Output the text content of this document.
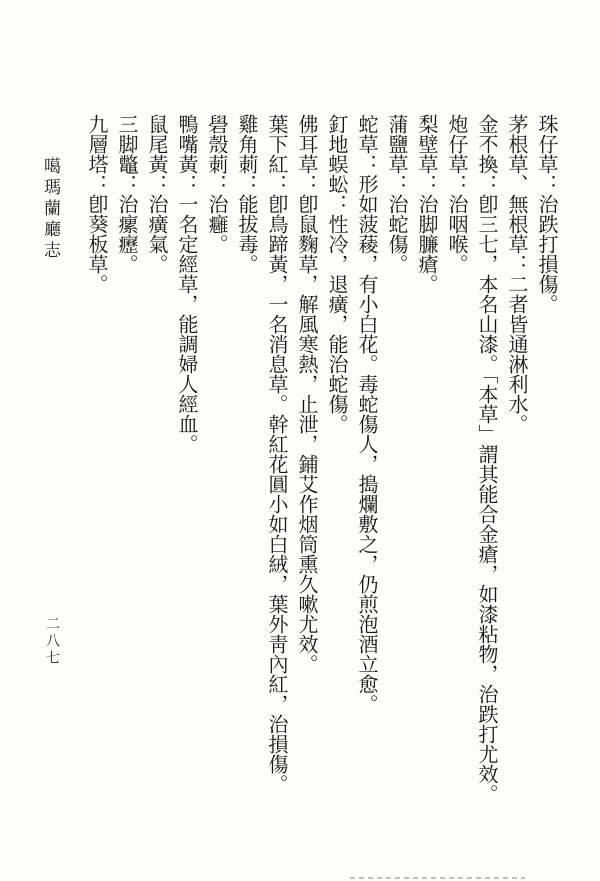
珠仔草：治跌打損傷。
茅根草、無根草：二者皆通淋利水。
金不換：卽三七，本名山漆。「本草」謂其能合金瘡，如漆粘物，治跌打尤效。
炮仔草：治咽喉。
梨壁草：治脚臁瘡。
蒲鹽草：治蛇傷。
蛇草：形如菠薐，有小白花。毒蛇傷人，搗爛敷之，仍煎泡酒立愈。
釘地蜈蚣：性冷，退癀，能治蛇傷。
佛耳草：卽鼠麴草，解風寒熱，止泄，鋪艾作烟筒熏久嗽尤效。
葉下紅：卽鳥蹄黃，一名消息草。幹紅花圓小如白絨，葉外靑內紅，治損傷。
雞角莿：能拔毒。
礐殼莿：治癰。
鴨嘴黃：一名定經草，能調婦人經血。
鼠尾黃：治癀氣。
三脚鼈：治瘰癧。
九層塔：卽葵板草。
噶瑪蘭廳志
二八七
